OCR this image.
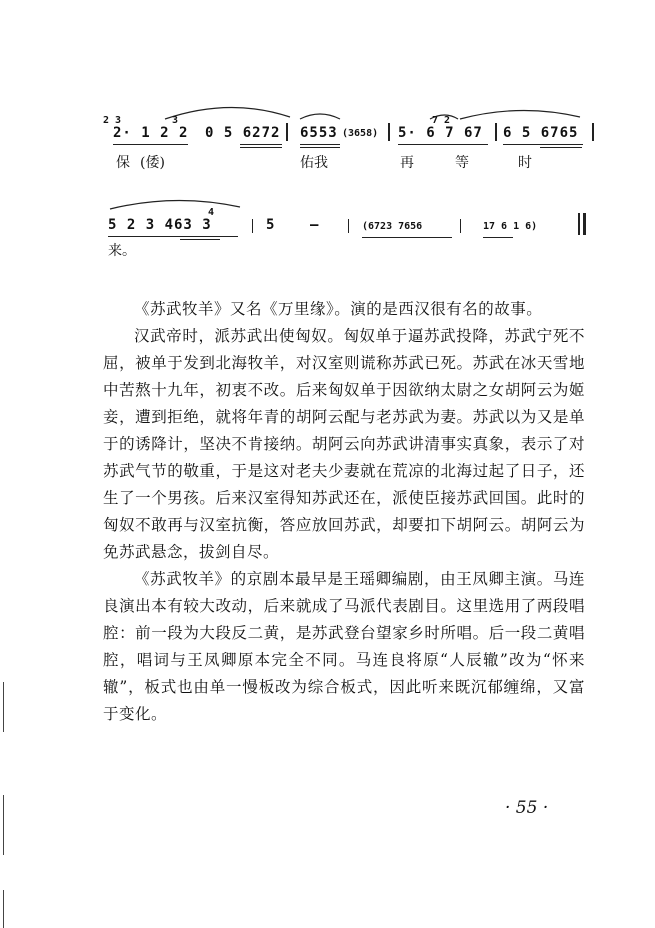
2 3	3
2· 1 2 2 0 5 6272 6553 (3658)
7 2
5· 6 7 67 6 5 6765
保 (倭)	佑我	再	等	时
4
5 2 3 463 3	5 –	(6723 7656	17 6 1 6)
来。
《苏武牧羊》又名《万里缘》。演的是西汉很有名的故事。
汉武帝时，派苏武出使匈奴。匈奴单于逼苏武投降，苏武宁死不屈，被单于发到北海牧羊，对汉室则谎称苏武已死。苏武在冰天雪地中苦熬十九年，初衷不改。后来匈奴单于因欲纳太尉之女胡阿云为姬妾，遭到拒绝，就将年青的胡阿云配与老苏武为妻。苏武以为又是单于的诱降计，坚决不肯接纳。胡阿云向苏武讲清事实真象，表示了对苏武气节的敬重，于是这对老夫少妻就在荒凉的北海过起了日子，还生了一个男孩。后来汉室得知苏武还在，派使臣接苏武回国。此时的匈奴不敢再与汉室抗衡，答应放回苏武，却要扣下胡阿云。胡阿云为免苏武悬念，拔剑自尽。
《苏武牧羊》的京剧本最早是王瑶卿编剧，由王凤卿主演。马连良演出本有较大改动，后来就成了马派代表剧目。这里选用了两段唱腔：前一段为大段反二黄，是苏武登台望家乡时所唱。后一段二黄唱腔，唱词与王凤卿原本完全不同。马连良将原“人辰辙”改为“怀来辙”，板式也由单一慢板改为综合板式，因此听来既沉郁缠绵，又富于变化。
· 55 ·
